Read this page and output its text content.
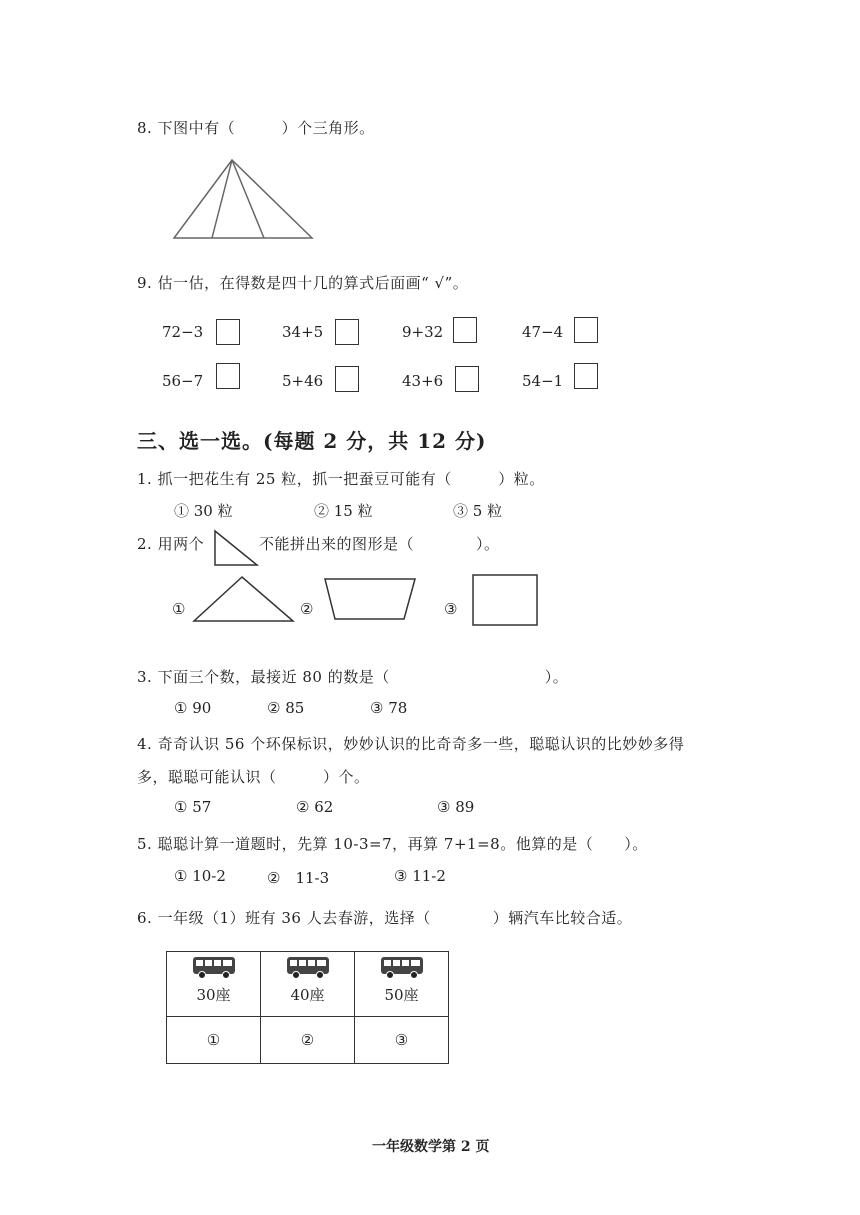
8. 下图中有（　　　）个三角形。
9. 估一估，在得数是四十几的算式后面画“ √”。
72−3	34+5	9+32	47−4
56−7	5+46	43+6	54−1
三、选一选。(每题 2 分，共 12 分)
1. 抓一把花生有 25 粒，抓一把蚕豆可能有（　　　）粒。
① 30 粒	② 15 粒	③ 5 粒
2. 用两个	不能拼出来的图形是（　　　　）。
①	②	③
3. 下面三个数，最接近 80 的数是（　　　　　　　　　　）。
① 90	② 85	③ 78
4. 奇奇认识 56 个环保标识，妙妙认识的比奇奇多一些，聪聪认识的比妙妙多得
多，聪聪可能认识（　　　）个。
① 57	② 62	③ 89
5. 聪聪计算一道题时，先算 10-3=7，再算 7+1=8。他算的是（　　）。
① 10-2	②　11-3	③ 11-2
6. 一年级（1）班有 36 人去春游，选择（　　　　）辆汽车比较合适。
30座	40座	50座
①	②	③
一年级数学第 2 页
